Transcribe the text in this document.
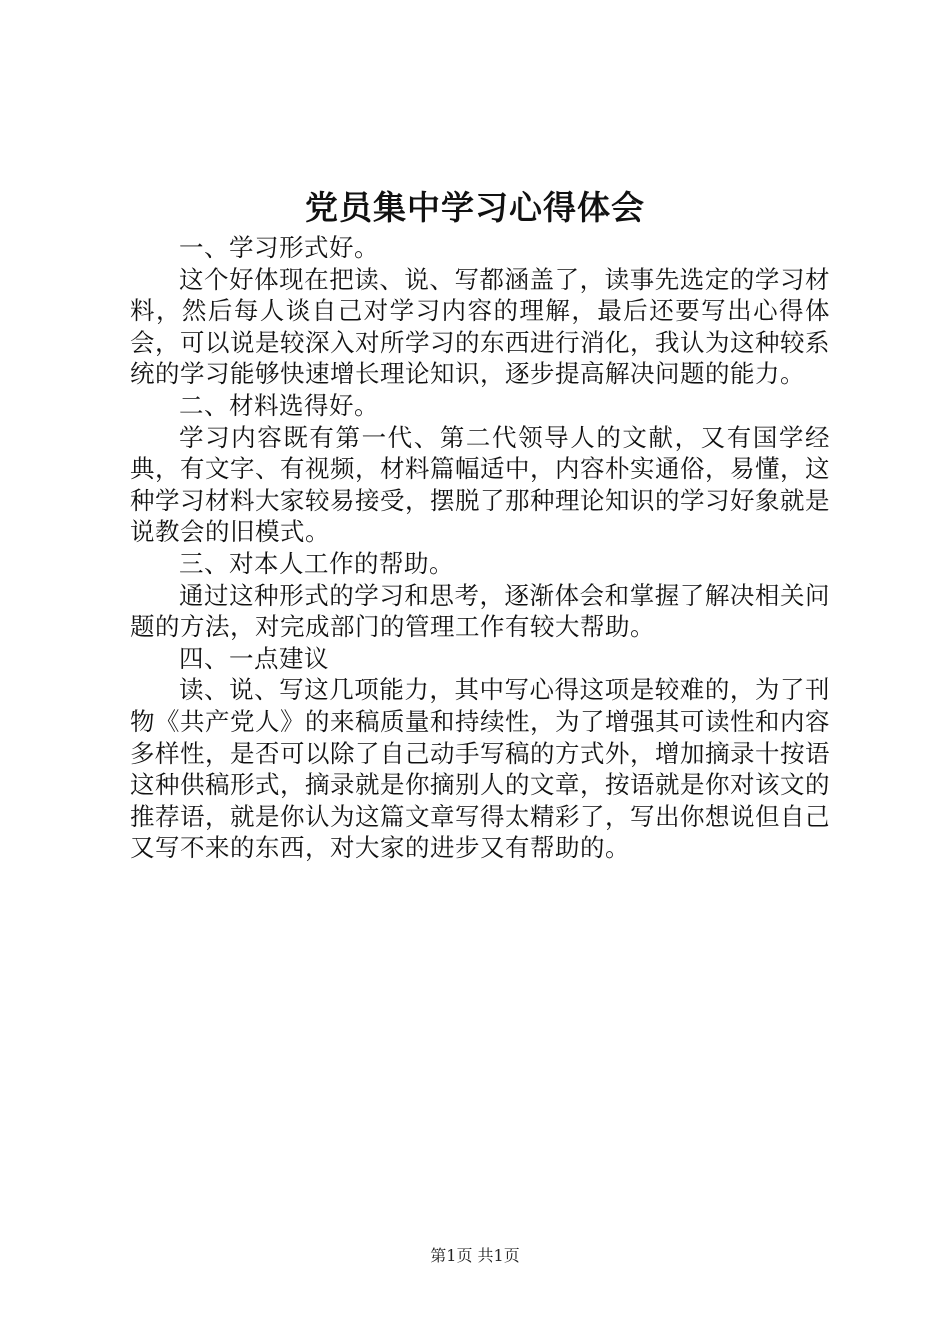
党员集中学习心得体会

一、学习形式好。

这个好体现在把读、说、写都涵盖了，读事先选定的学习材料，然后每人谈自己对学习内容的理解，最后还要写出心得体会，可以说是较深入对所学习的东西进行消化，我认为这种较系统的学习能够快速增长理论知识，逐步提高解决问题的能力。

二、材料选得好。

学习内容既有第一代、第二代领导人的文献，又有国学经典，有文字、有视频，材料篇幅适中，内容朴实通俗，易懂，这种学习材料大家较易接受，摆脱了那种理论知识的学习好象就是说教会的旧模式。

三、对本人工作的帮助。

通过这种形式的学习和思考，逐渐体会和掌握了解决相关问题的方法，对完成部门的管理工作有较大帮助。

四、一点建议

读、说、写这几项能力，其中写心得这项是较难的，为了刊物《共产党人》的来稿质量和持续性，为了增强其可读性和内容多样性，是否可以除了自己动手写稿的方式外，增加摘录十按语这种供稿形式，摘录就是你摘别人的文章，按语就是你对该文的推荐语，就是你认为这篇文章写得太精彩了，写出你想说但自己又写不来的东西，对大家的进步又有帮助的。

第1页 共1页
